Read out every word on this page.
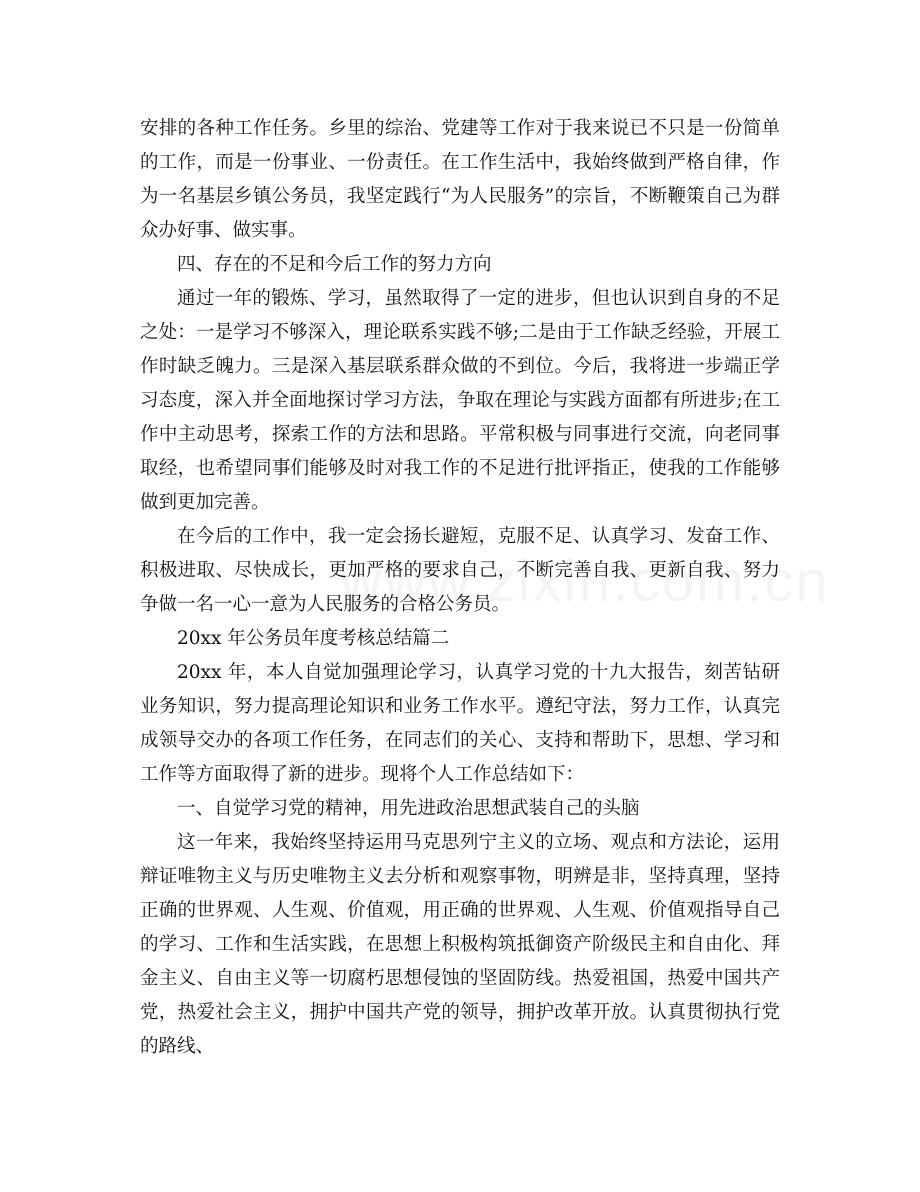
安排的各种工作任务。乡里的综治、党建等工作对于我来说已不只是一份简单的工作，而是一份事业、一份责任。在工作生活中，我始终做到严格自律，作为一名基层乡镇公务员，我坚定践行“为人民服务”的宗旨，不断鞭策自己为群众办好事、做实事。

四、存在的不足和今后工作的努力方向

通过一年的锻炼、学习，虽然取得了一定的进步，但也认识到自身的不足之处：一是学习不够深入，理论联系实践不够;二是由于工作缺乏经验，开展工作时缺乏魄力。三是深入基层联系群众做的不到位。今后，我将进一步端正学习态度，深入并全面地探讨学习方法，争取在理论与实践方面都有所进步;在工作中主动思考，探索工作的方法和思路。平常积极与同事进行交流，向老同事取经，也希望同事们能够及时对我工作的不足进行批评指正，使我的工作能够做到更加完善。

在今后的工作中，我一定会扬长避短，克服不足、认真学习、发奋工作、积极进取、尽快成长，更加严格的要求自己，不断完善自我、更新自我、努力争做一名一心一意为人民服务的合格公务员。

20xx 年公务员年度考核总结篇二

20xx 年，本人自觉加强理论学习，认真学习党的十九大报告，刻苦钻研业务知识，努力提高理论知识和业务工作水平。遵纪守法，努力工作，认真完成领导交办的各项工作任务，在同志们的关心、支持和帮助下，思想、学习和工作等方面取得了新的进步。现将个人工作总结如下：

一、自觉学习党的精神，用先进政治思想武装自己的头脑

这一年来，我始终坚持运用马克思列宁主义的立场、观点和方法论，运用辩证唯物主义与历史唯物主义去分析和观察事物，明辨是非，坚持真理，坚持正确的世界观、人生观、价值观，用正确的世界观、人生观、价值观指导自己的学习、工作和生活实践，在思想上积极构筑抵御资产阶级民主和自由化、拜金主义、自由主义等一切腐朽思想侵蚀的坚固防线。热爱祖国，热爱中国共产党，热爱社会主义，拥护中国共产党的领导，拥护改革开放。认真贯彻执行党的路线、
